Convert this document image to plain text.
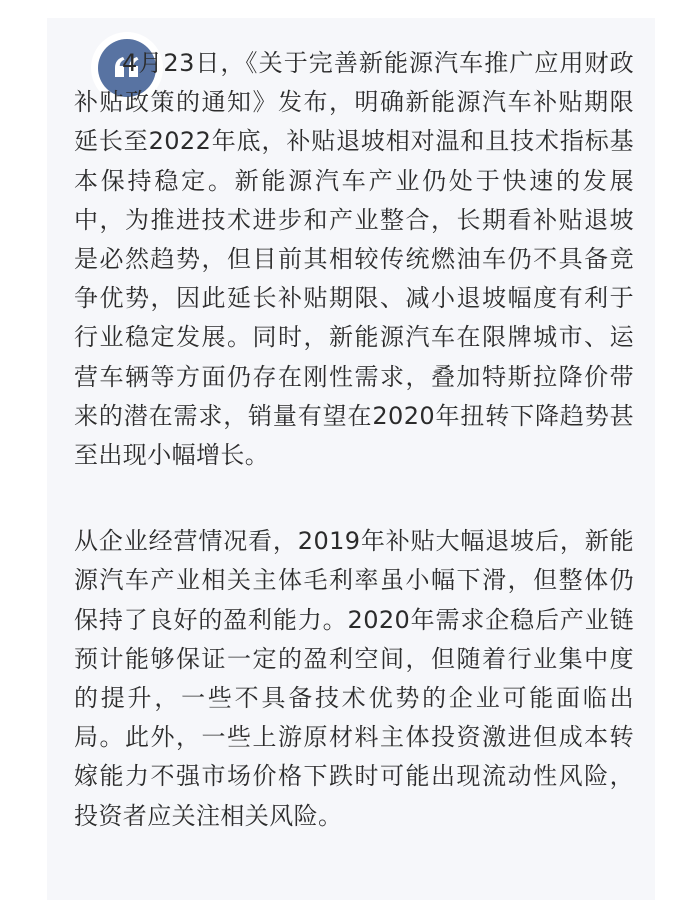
4月23日，《关于完善新能源汽车推广应用财政补贴政策的通知》发布，明确新能源汽车补贴期限延长至2022年底，补贴退坡相对温和且技术指标基本保持稳定。新能源汽车产业仍处于快速的发展中，为推进技术进步和产业整合，长期看补贴退坡是必然趋势，但目前其相较传统燃油车仍不具备竞争优势，因此延长补贴期限、减小退坡幅度有利于行业稳定发展。同时，新能源汽车在限牌城市、运营车辆等方面仍存在刚性需求，叠加特斯拉降价带来的潜在需求，销量有望在2020年扭转下降趋势甚至出现小幅增长。

从企业经营情况看，2019年补贴大幅退坡后，新能源汽车产业相关主体毛利率虽小幅下滑，但整体仍保持了良好的盈利能力。2020年需求企稳后产业链预计能够保证一定的盈利空间，但随着行业集中度的提升，一些不具备技术优势的企业可能面临出局。此外，一些上游原材料主体投资激进但成本转嫁能力不强市场价格下跌时可能出现流动性风险，投资者应关注相关风险。
